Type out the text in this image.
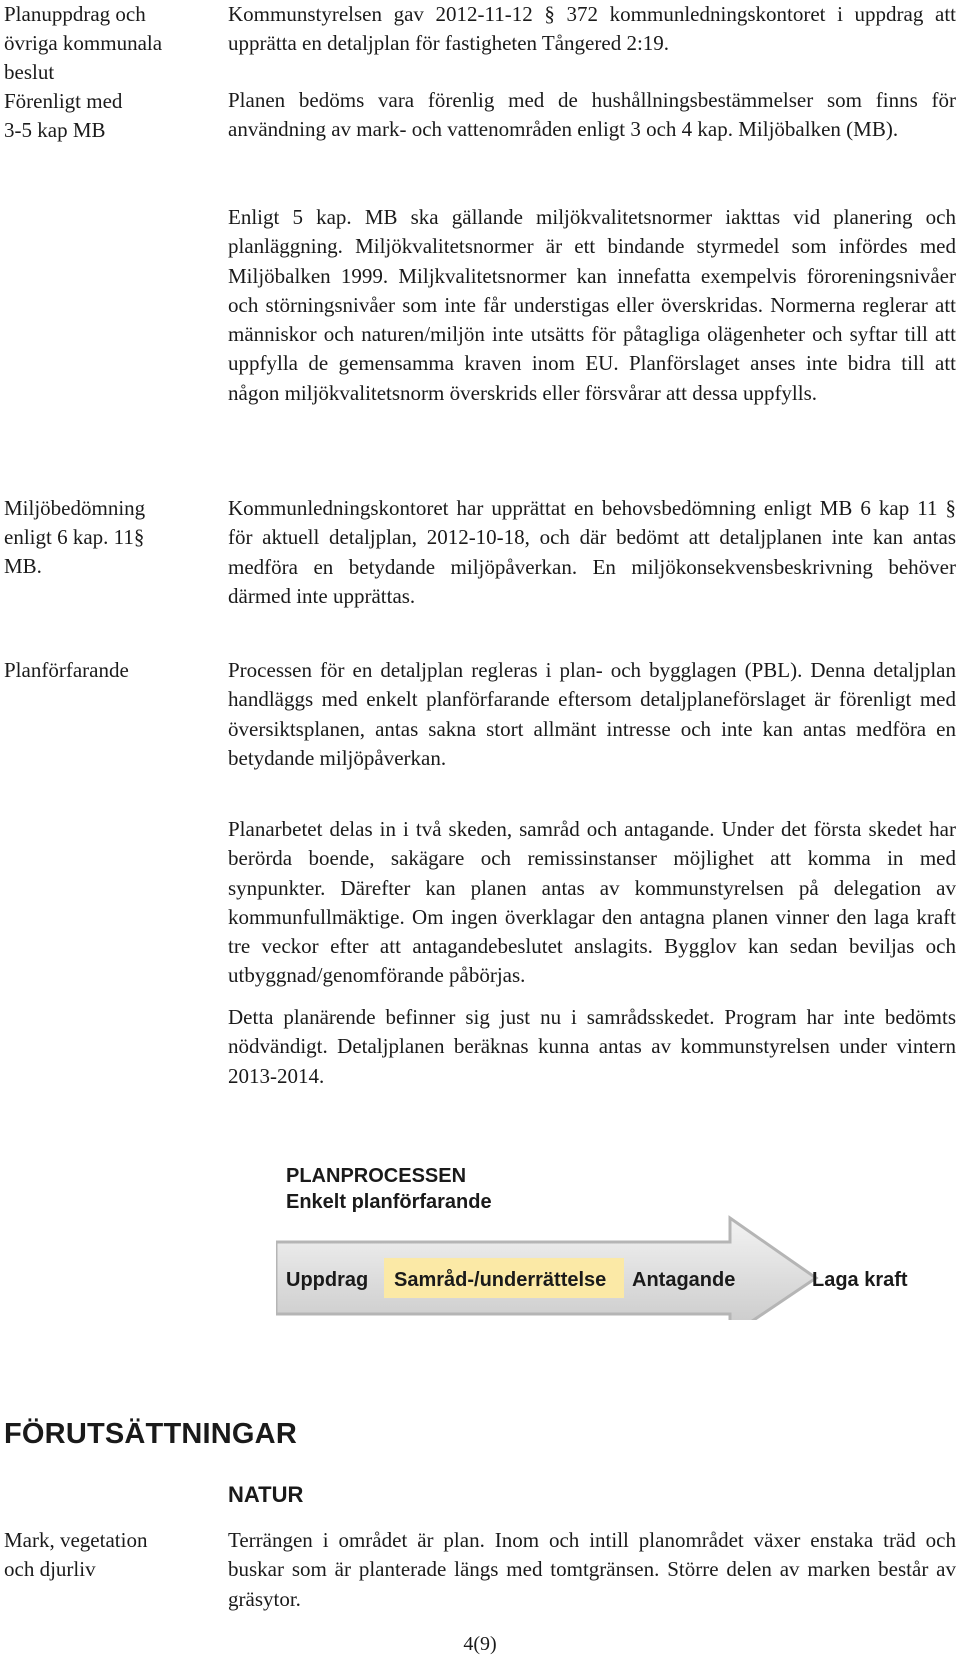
Planuppdrag och
övriga kommunala
beslut
Förenligt med
3-5 kap MB
Miljöbedömning
enligt 6 kap. 11§
MB.
Planförfarande
Mark, vegetation
och djurliv
Kommunstyrelsen gav 2012-11-12 § 372 kommunledningskontoret i uppdrag att upprätta en detaljplan för fastigheten Tångered 2:19.
Planen bedöms vara förenlig med de hushållningsbestämmelser som finns för användning av mark- och vattenområden enligt 3 och 4 kap. Miljöbalken (MB).
Enligt 5 kap. MB ska gällande miljökvalitetsnormer iakttas vid planering och planläggning. Miljökvalitetsnormer är ett bindande styrmedel som infördes med Miljöbalken 1999. Miljkvalitetsnormer kan innefatta exempelvis föroreningsnivåer och störningsnivåer som inte får understigas eller överskridas. Normerna reglerar att människor och naturen/miljön inte utsätts för påtagliga olägenheter och syftar till att uppfylla de gemensamma kraven inom EU. Planförslaget anses inte bidra till att någon miljökvalitetsnorm överskrids eller försvårar att dessa uppfylls.
Kommunledningskontoret har upprättat en behovsbedömning enligt MB 6 kap 11 § för aktuell detaljplan, 2012-10-18, och där bedömt att detaljplanen inte kan antas medföra en betydande miljöpåverkan. En miljökonsekvensbeskrivning behöver därmed inte upprättas.
Processen för en detaljplan regleras i plan- och bygglagen (PBL). Denna detaljplan handläggs med enkelt planförfarande eftersom detaljplaneförslaget är förenligt med översiktsplanen, antas sakna stort allmänt intresse och inte kan antas medföra en betydande miljöpåverkan.
Planarbetet delas in i två skeden, samråd och antagande. Under det första skedet har berörda boende, sakägare och remissinstanser möjlighet att komma in med synpunkter. Därefter kan planen antas av kommunstyrelsen på delegation av kommunfullmäktige. Om ingen överklagar den antagna planen vinner den laga kraft tre veckor efter att antagandebeslutet anslagits. Bygglov kan sedan beviljas och utbyggnad/genomförande påbörjas.
Detta planärende befinner sig just nu i samrådsskedet. Program har inte bedömts nödvändigt. Detaljplanen beräknas kunna antas av kommunstyrelsen under vintern 2013-2014.
PLANPROCESSEN
Enkelt planförfarande
Uppdrag Samråd-/underrättelse Antagande	Laga kraft
FÖRUTSÄTTNINGAR
NATUR
Terrängen i området är plan. Inom och intill planområdet växer enstaka träd och buskar som är planterade längs med tomtgränsen. Större delen av marken består av gräsytor.
4(9)
